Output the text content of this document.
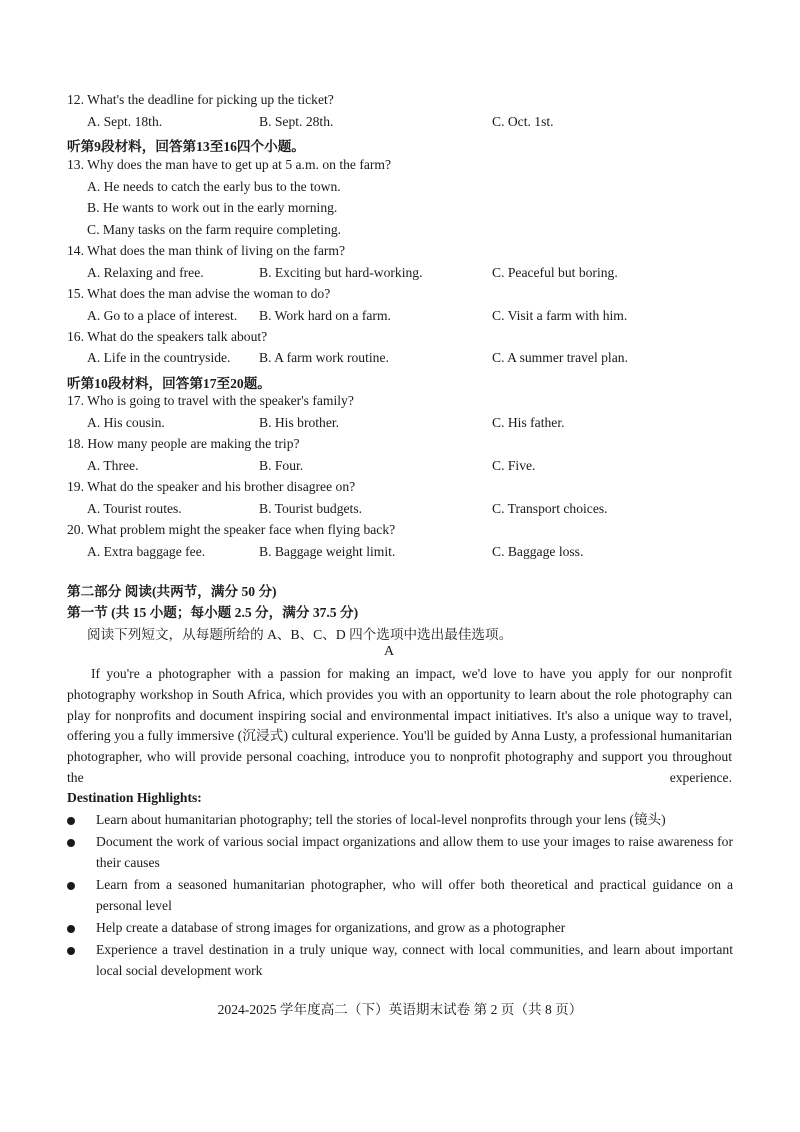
12. What's the deadline for picking up the ticket?
A. Sept. 18th.	B. Sept. 28th.	C. Oct. 1st.
听第9段材料，回答第13至16四个小题。
13. Why does the man have to get up at 5 a.m. on the farm?
A. He needs to catch the early bus to the town.
B. He wants to work out in the early morning.
C. Many tasks on the farm require completing.
14. What does the man think of living on the farm?
A. Relaxing and free.	B. Exciting but hard-working.	C. Peaceful but boring.
15. What does the man advise the woman to do?
A. Go to a place of interest. B. Work hard on a farm.	C. Visit a farm with him.
16. What do the speakers talk about?
A. Life in the countryside. B. A farm work routine.	C. A summer travel plan.
听第10段材料，回答第17至20题。
17. Who is going to travel with the speaker's family?
A. His cousin.	B. His brother.	C. His father.
18. How many people are making the trip?
A. Three.	B. Four.	C. Five.
19. What do the speaker and his brother disagree on?
A. Tourist routes.	B. Tourist budgets.	C. Transport choices.
20. What problem might the speaker face when flying back?
A. Extra baggage fee.	B. Baggage weight limit.	C. Baggage loss.
第二部分 阅读(共两节，满分 50 分)
第一节 (共 15 小题；每小题 2.5 分，满分 37.5 分)
阅读下列短文，从每题所给的 A、B、C、D 四个选项中选出最佳选项。
A
If you're a photographer with a passion for making an impact, we'd love to have you apply for our nonprofit photography workshop in South Africa, which provides you with an opportunity to learn about the role photography can play for nonprofits and document inspiring social and environmental impact initiatives. It's also a unique way to travel, offering you a fully immersive (沉浸式) cultural experience. You'll be guided by Anna Lusty, a professional humanitarian photographer, who will provide personal coaching, introduce you to nonprofit photography and support you throughout the experience.
Destination Highlights:
Learn about humanitarian photography; tell the stories of local-level nonprofits through your lens (镜头)
Document the work of various social impact organizations and allow them to use your images to raise awareness for their causes
Learn from a seasoned humanitarian photographer, who will offer both theoretical and practical guidance on a personal level
Help create a database of strong images for organizations, and grow as a photographer
Experience a travel destination in a truly unique way, connect with local communities, and learn about important local social development work
2024-2025 学年度高二（下）英语期末试卷 第 2 页（共 8 页）
